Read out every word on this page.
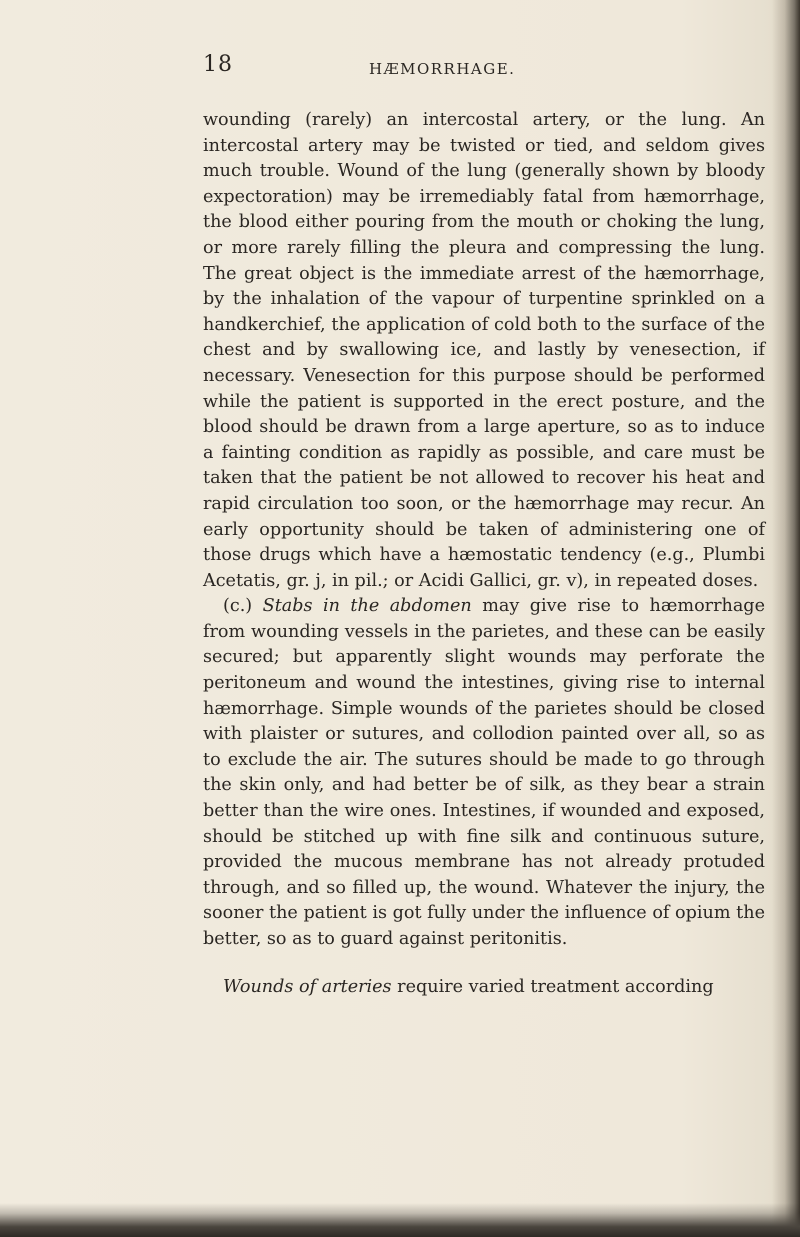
18	HÆMORRHAGE.

wounding (rarely) an intercostal artery, or the lung. An intercostal artery may be twisted or tied, and seldom gives much trouble. Wound of the lung (generally shown by bloody expectoration) may be irremediably fatal from hæmorrhage, the blood either pouring from the mouth or choking the lung, or more rarely filling the pleura and compressing the lung. The great object is the immediate arrest of the hæmorrhage, by the inhalation of the vapour of turpentine sprinkled on a handkerchief, the application of cold both to the surface of the chest and by swallowing ice, and lastly by venesection, if necessary. Venesection for this purpose should be performed while the patient is supported in the erect posture, and the blood should be drawn from a large aperture, so as to induce a fainting condition as rapidly as possible, and care must be taken that the patient be not allowed to recover his heat and rapid circulation too soon, or the hæmorrhage may recur. An early opportunity should be taken of administering one of those drugs which have a hæmostatic tendency (e.g., Plumbi Acetatis, gr. j, in pil.; or Acidi Gallici, gr. v), in repeated doses.

(c.) Stabs in the abdomen may give rise to hæmorrhage from wounding vessels in the parietes, and these can be easily secured; but apparently slight wounds may perforate the peritoneum and wound the intestines, giving rise to internal hæmorrhage. Simple wounds of the parietes should be closed with plaister or sutures, and collodion painted over all, so as to exclude the air. The sutures should be made to go through the skin only, and had better be of silk, as they bear a strain better than the wire ones. Intestines, if wounded and exposed, should be stitched up with fine silk and continuous suture, provided the mucous membrane has not already protuded through, and so filled up, the wound. Whatever the injury, the sooner the patient is got fully under the influence of opium the better, so as to guard against peritonitis.

Wounds of arteries require varied treatment according
